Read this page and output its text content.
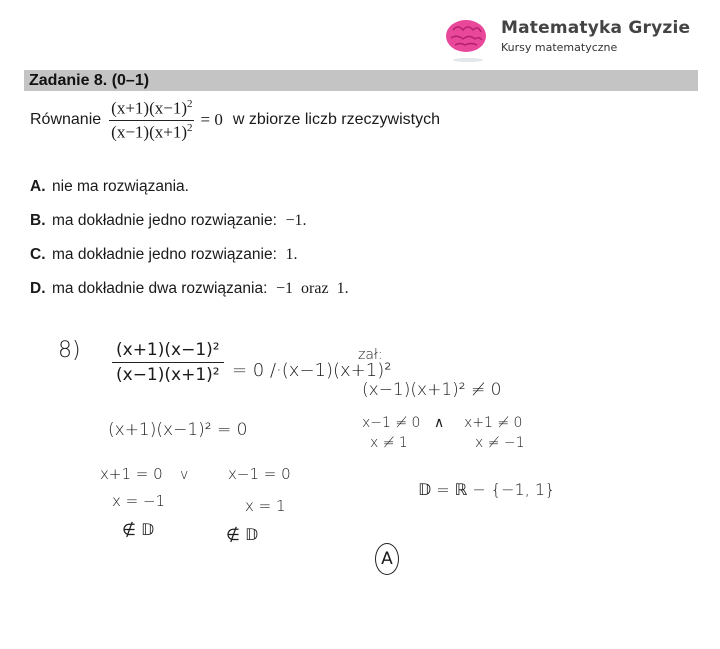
Matematyka Gryzie
Kursy matematyczne
Zadanie 8. (0–1)
Równanie $\frac{(x+1)(x-1)^2}{(x-1)(x+1)^2} = 0$ w zbiorze liczb rzeczywistych
A. nie ma rozwiązania.
B. ma dokładnie jedno rozwiązanie:
−1.
C. ma dokładnie jedno rozwiązanie:
1.
D. ma dokładnie dwa rozwiązania:
−1  oraz  1.
$8) \frac{\text{(x+1)(x−1)²}}{\text{(x−1)(x+1)²}} = 0$ /·(x−1)(x+1)²
zał:
(x−1)(x+1)² ≠ 0
x−1 ≠ 0 ∧ x+1 ≠ 0
x ≠ 1	x ≠ −1
(x+1)(x−1)² = 0
x+1 = 0 v	x−1 = 0
x = −1	x = 1
∉ 𝔻	∉ 𝔻
𝔻 = ℝ − {−1, 1}
A
